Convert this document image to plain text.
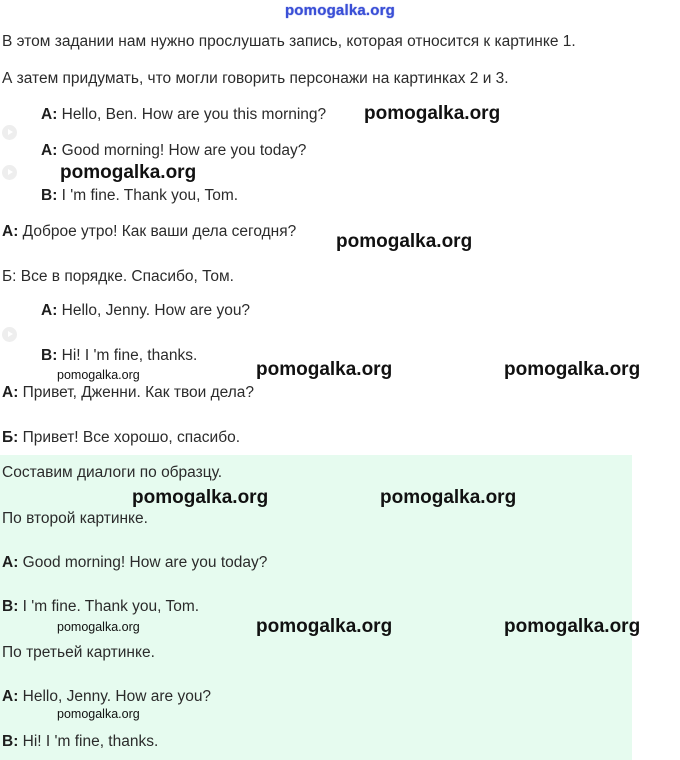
pomogalka.org
В этом задании нам нужно прослушать запись, которая относится к картинке 1.
А затем придумать, что могли говорить персонажи на картинках 2 и 3.
A: Hello, Ben. How are you this morning?
A: Good morning! How are you today?
B: I 'm fine. Thank you, Tom.
А: Доброе утро! Как ваши дела сегодня?
Б: Все в порядке. Спасибо, Том.
A: Hello, Jenny. How are you?
B: Hi! I 'm fine, thanks.
А: Привет, Дженни. Как твои дела?
Б: Привет! Все хорошо, спасибо.
Составим диалоги по образцу.
По второй картинке.
A: Good morning! How are you today?
B: I 'm fine. Thank you, Tom.
По третьей картинке.
A: Hello, Jenny. How are you?
B: Hi! I 'm fine, thanks.
pomogalka.org
pomogalka.org
pomogalka.org
pomogalka.org	pomogalka.org
pomogalka.org
pomogalka.org	pomogalka.org
pomogalka.org	pomogalka.org	pomogalka.org
pomogalka.org
